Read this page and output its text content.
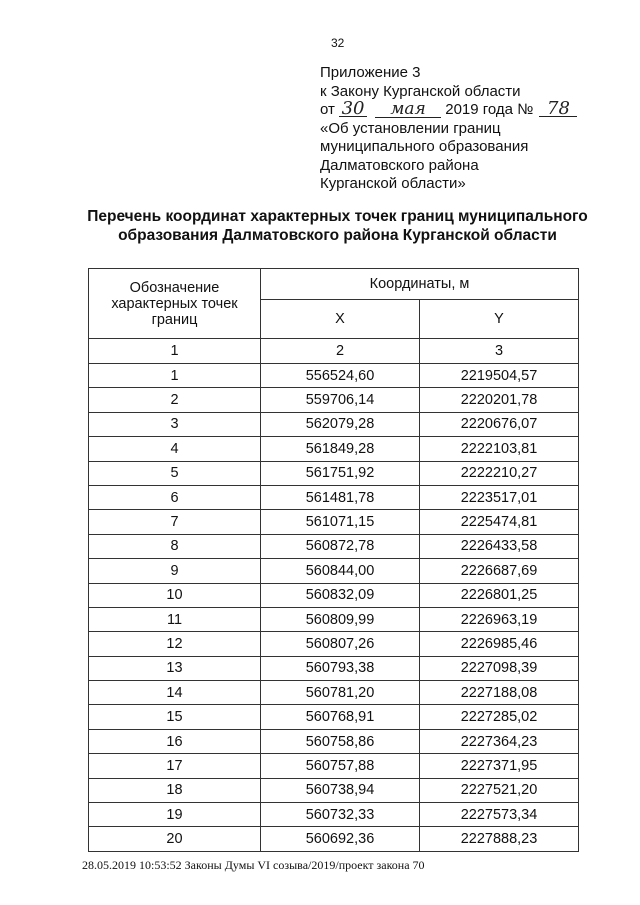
32
Приложение 3
к Закону Курганской области
от 30 мая 2019 года № 78
«Об установлении границ
муниципального образования
Далматовского района
Курганской области»
Перечень координат характерных точек границ муниципального
образования Далматовского района Курганской области
Обозначение характерных точек границ	Координаты, м	
	X	Y
1	2	3
1	556524,60	2219504,57
2	559706,14	2220201,78
3	562079,28	2220676,07
4	561849,28	2222103,81
5	561751,92	2222210,27
6	561481,78	2223517,01
7	561071,15	2225474,81
8	560872,78	2226433,58
9	560844,00	2226687,69
10	560832,09	2226801,25
11	560809,99	2226963,19
12	560807,26	2226985,46
13	560793,38	2227098,39
14	560781,20	2227188,08
15	560768,91	2227285,02
16	560758,86	2227364,23
17	560757,88	2227371,95
18	560738,94	2227521,20
19	560732,33	2227573,34
20	560692,36	2227888,23
28.05.2019 10:53:52 Законы Думы VI созыва/2019/проект закона 70
